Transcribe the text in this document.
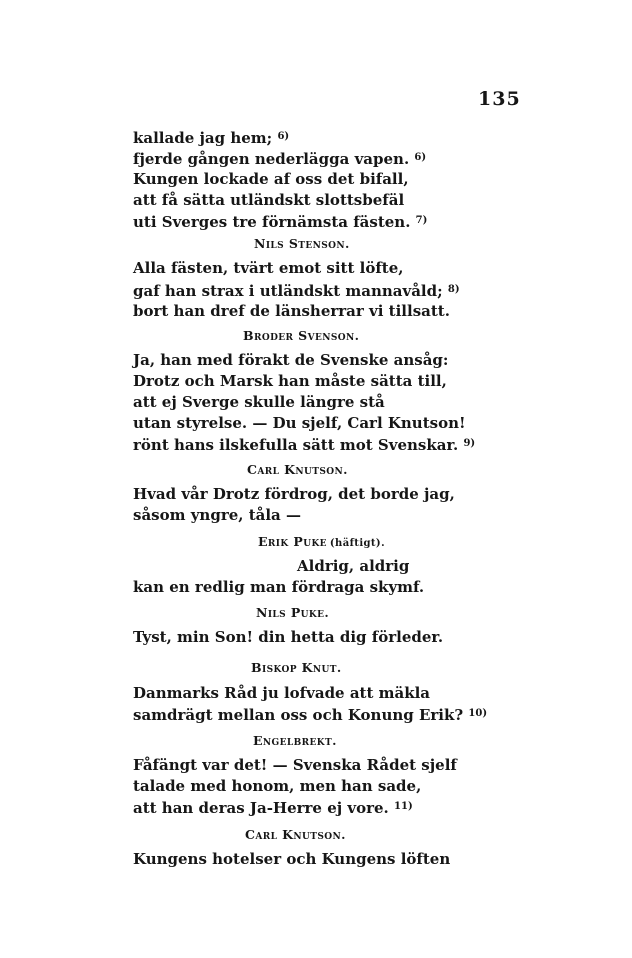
135
kallade jag hem; $^{6)}$
fjerde gången nederlägga vapen. $^{6)}$
Kungen lockade af oss det bifall,
att få sätta utländskt slottsbefäl
uti Sverges tre förnämsta fästen. $^{7)}$
Nils Stenson.
Alla fästen, tvärt emot sitt löfte,
gaf han strax i utländskt mannavåld; $^{8)}$
bort han dref de länsherrar vi tillsatt.
Broder Svenson.
Ja, han med förakt de Svenske ansåg:
Drotz och Marsk han måste sätta till,
att ej Sverge skulle längre stå
utan styrelse. — Du sjelf, Carl Knutson!
rönt hans ilskefulla sätt mot Svenskar. $^{9)}$
Carl Knutson.
Hvad vår Drotz fördrog, det borde jag,
såsom yngre, tåla —
Erik Puke (häftigt).
Aldrig, aldrig
kan en redlig man fördraga skymf.
Nils Puke.
Tyst, min Son! din hetta dig förleder.
Biskop Knut.
Danmarks Råd ju lofvade att mäkla
samdrägt mellan oss och Konung Erik? $^{10)}$
Engelbrekt.
Fåfängt var det! — Svenska Rådet sjelf
talade med honom, men han sade,
att han deras Ja-Herre ej vore. $^{11)}$
Carl Knutson.
Kungens hotelser och Kungens löften
